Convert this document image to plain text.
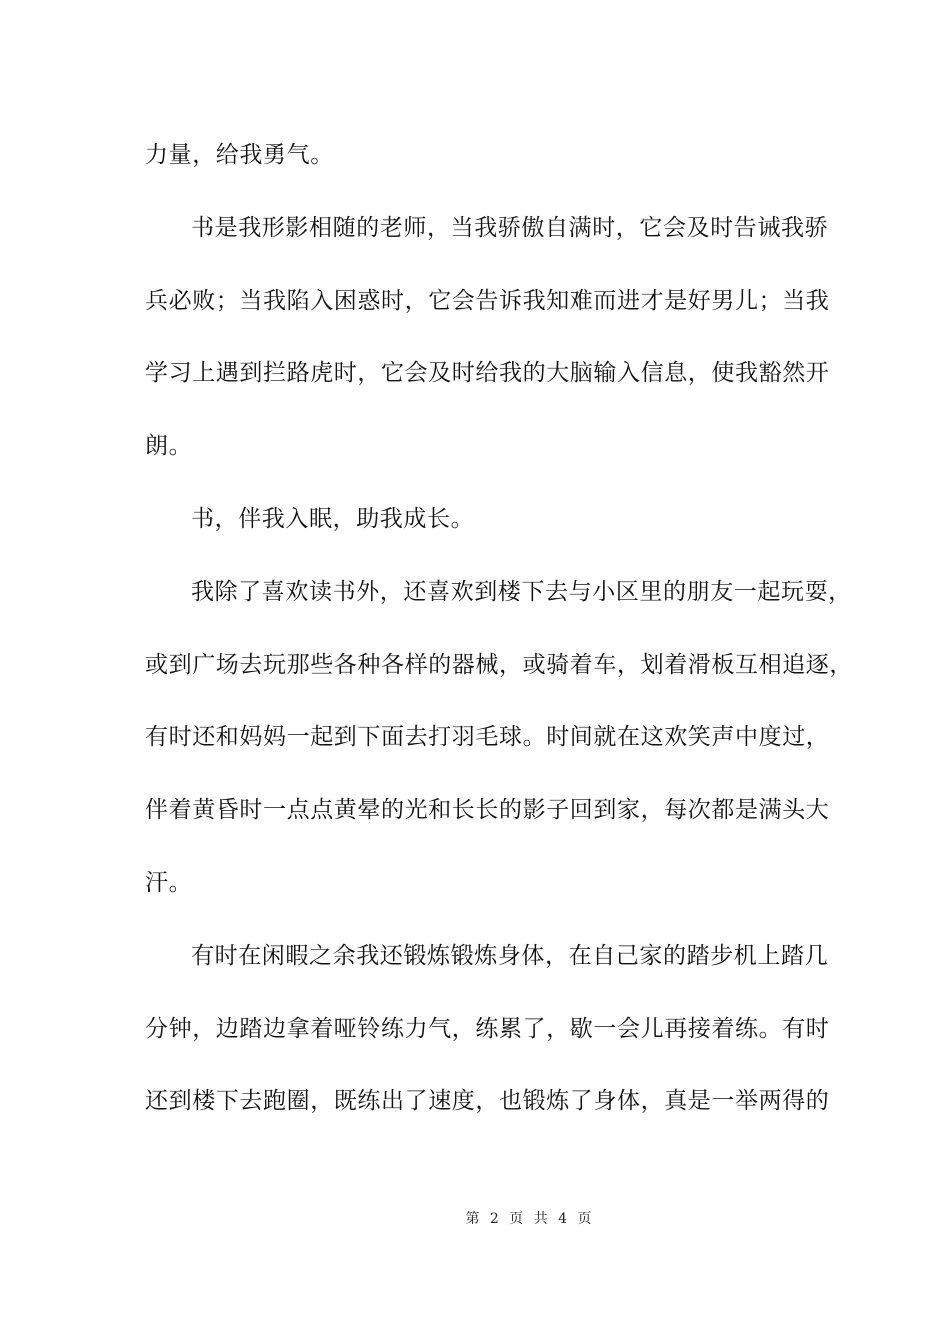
力量，给我勇气。
书是我形影相随的老师，当我骄傲自满时，它会及时告诫我骄
兵必败；当我陷入困惑时，它会告诉我知难而进才是好男儿；当我
学习上遇到拦路虎时，它会及时给我的大脑输入信息，使我豁然开
朗。
书，伴我入眠，助我成长。
我除了喜欢读书外，还喜欢到楼下去与小区里的朋友一起玩耍，
或到广场去玩那些各种各样的器械，或骑着车，划着滑板互相追逐，
有时还和妈妈一起到下面去打羽毛球。时间就在这欢笑声中度过，
伴着黄昏时一点点黄晕的光和长长的影子回到家，每次都是满头大
汗。
有时在闲暇之余我还锻炼锻炼身体，在自己家的踏步机上踏几
分钟，边踏边拿着哑铃练力气，练累了，歇一会儿再接着练。有时
还到楼下去跑圈，既练出了速度，也锻炼了身体，真是一举两得的
第 2 页 共 4 页
